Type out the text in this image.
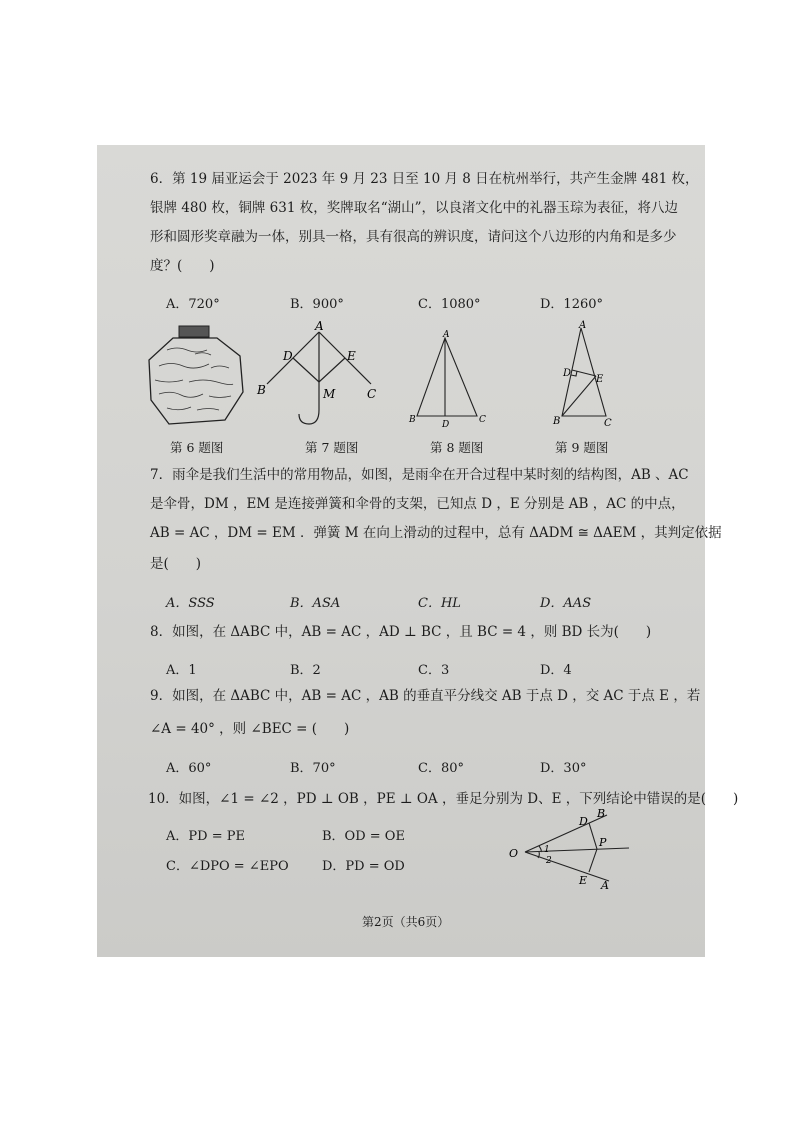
6．第 19 届亚运会于 2023 年 9 月 23 日至 10 月 8 日在杭州举行，共产生金牌 481 枚，
银牌 480 枚，铜牌 631 枚，奖牌取名“湖山”，以良渚文化中的礼器玉琮为表征，将八边
形和圆形奖章融为一体，别具一格，具有很高的辨识度，请问这个八边形的内角和是多少
度？(　　)
A．720°	B．900°	C．1080°	D．1260°
A
B	C
D	E
M
A
B	C
D
A
B	C
D
E
第 6 题图	第 7 题图	第 8 题图	第 9 题图
7．雨伞是我们生活中的常用物品，如图，是雨伞在开合过程中某时刻的结构图，AB 、AC
是伞骨，DM ，EM 是连接弹簧和伞骨的支架，已知点 D ，E 分别是 AB ，AC 的中点，
AB = AC ，DM = EM ．弹簧 M 在向上滑动的过程中，总有 ΔADM ≅ ΔAEM ，其判定依据
是(　　)
A．SSS	B．ASA	C．HL	D．AAS
8．如图，在 ΔABC 中，AB = AC ，AD ⊥ BC ，且 BC = 4 ，则 BD 长为(　　)
A．1	B．2	C．3	D．4
9．如图，在 ΔABC 中，AB = AC ，AB 的垂直平分线交 AB 于点 D ，交 AC 于点 E ，若
∠A = 40° ，则 ∠BEC = (　　)
A．60°	B．70°	C．80°	D．30°
10．如图，∠1 = ∠2 ，PD ⊥ OB ，PE ⊥ OA ，垂足分别为 D、E ，下列结论中错误的是(　　)
A．PD = PE	B．OD = OE
C．∠DPO = ∠EPO	D．PD = OD
O
D
B
P
E A
1
2
第2页（共6页）
